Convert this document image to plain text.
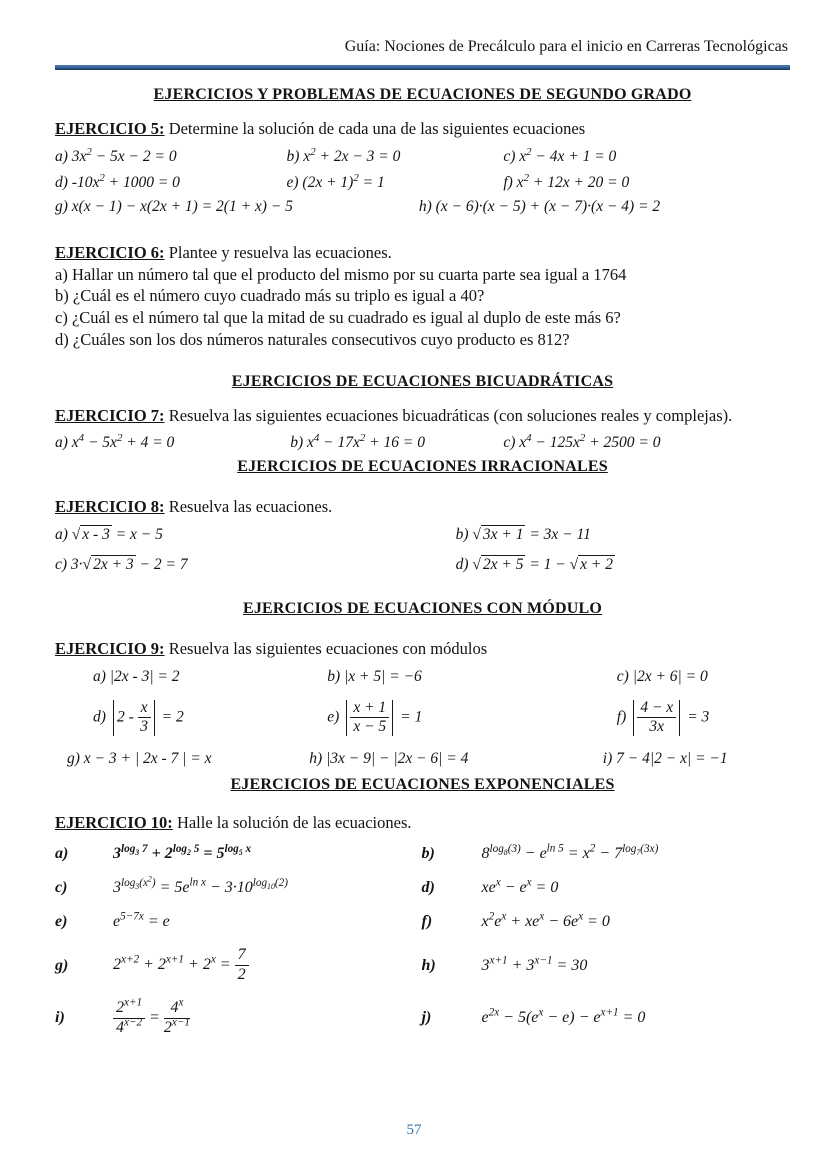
Guía: Nociones de Precálculo para el inicio en Carreras Tecnológicas
EJERCICIOS Y PROBLEMAS DE ECUACIONES DE SEGUNDO GRADO

EJERCICIO 5: Determine la solución de cada una de las siguientes ecuaciones

a) $3x^2 - 5x - 2 = 0$	b) $x^2 + 2x - 3 = 0$	c) $x^2 - 4x + 1 = 0$
d) $-10x^2 + 1000 = 0$	e) $(2x + 1)^2 = 1$	f) $x^2 + 12x + 20 = 0$
g) x(x − 1) − x(2x + 1) = 2(1 + x) − 5	h) (x − 6)·(x − 5) + (x − 7)·(x − 4) = 2

EJERCICIO 6: Plantee y resuelva las ecuaciones.

a) Hallar un número tal que el producto del mismo por su cuarta parte sea igual a 1764

b) ¿Cuál es el número cuyo cuadrado más su triplo es igual a 40?

c) ¿Cuál es el número tal que la mitad de su cuadrado es igual al duplo de este más 6?

d) ¿Cuáles son los dos números naturales consecutivos cuyo producto es 812?

EJERCICIOS DE ECUACIONES BICUADRÁTICAS

EJERCICIO 7: Resuelva las siguientes ecuaciones bicuadráticas (con soluciones reales y complejas).

a) $x^4 - 5x^2 + 4 = 0$	b) $x^4 - 17x^2 + 16 = 0$	c) $x^4 - 125x^2 + 2500 = 0$
EJERCICIOS DE ECUACIONES IRRACIONALES

EJERCICIO 8: Resuelva las ecuaciones.

a) √ x - 3 = x − 5	b) √ 3x + 1 = 3x − 11
c) 3·√ 2x + 3 − 2 = 7	d) √ 2x + 5 = 1 − √ x + 2
EJERCICIOS DE ECUACIONES CON MÓDULO

EJERCICIO 9: Resuelva las siguientes ecuaciones con módulos

a) |2x - 3| = 2	b) |x + 5| = −6	c) |2x + 6| = 0
d) $2 - \frac{x}{3} = 2$	$e) \frac{x + 1}{x - 5} = 1$	$f) \frac{4 - x}{3x} = 3$
g) x − 3 + | 2x - 7 | = x	h) |3x − 9| − |2x − 6| = 4	i) 7 − 4|2 − x| = −1
EJERCICIOS DE ECUACIONES EXPONENCIALES

EJERCICIO 10: Halle la solución de las ecuaciones.

a)	$3^{log_3 7} + 2^{log_2 5} = 5^{log_5 x}$	b)	$8^{log_8(3)} - e^{ln 5} = x^2 - 7^{log_7(3x)}$
c)	$3^{log_3(x^2)} = 5e^{ln x} - 3\cdot 10^{log_{10}(2)}$	d)	$xe^x - e^x = 0$
e)	$e^{5-7x} = e$	f)	$x^2e^x + xe^x - 6e^x = 0$
g)	$2^{x+2} + 2^{x+1} + 2^x = \frac{7}{2}$	h)	$3^{x+1} + 3^{x-1} = 30$
i)	$\frac{2^{x+1}}{4^{x-2}} = \frac{4^x}{2^{x-1}}$	j)	$e^{2x} - 5(e^x - e) - e^{x+1} = 0$
57
